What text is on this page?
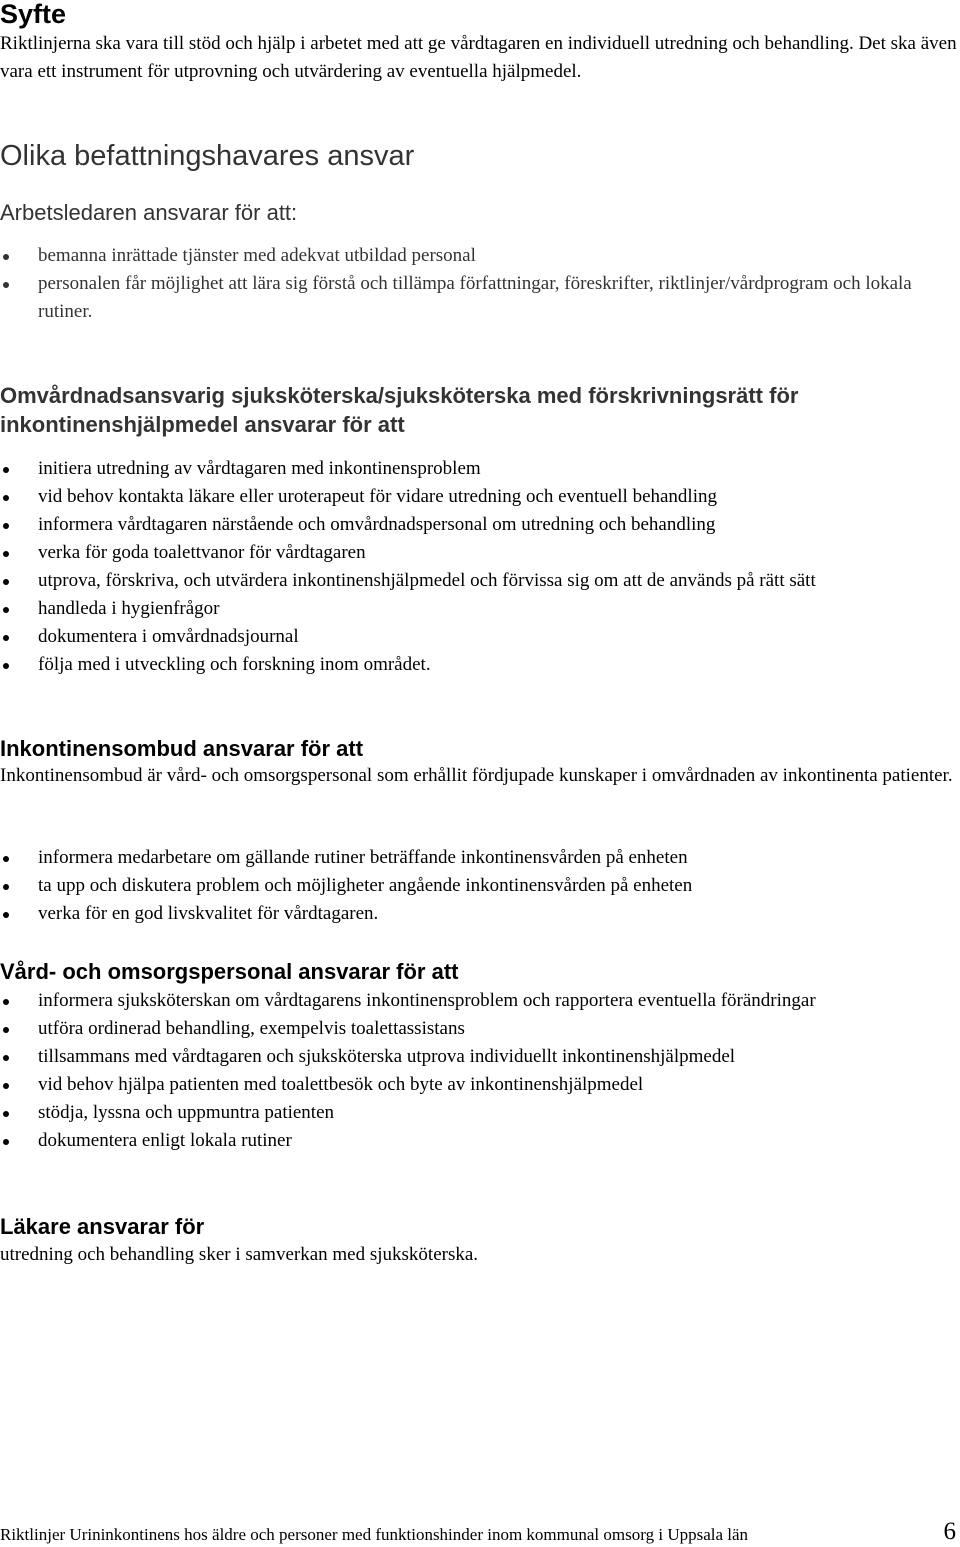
Syfte
Riktlinjerna ska vara till stöd och hjälp i arbetet med att ge vårdtagaren en individuell utredning och behandling. Det ska även vara ett instrument för utprovning och utvärdering av eventuella hjälpmedel.
Olika befattningshavares ansvar
Arbetsledaren ansvarar för att:
bemanna inrättade tjänster med adekvat utbildad personal
personalen får möjlighet att lära sig förstå och tillämpa författningar, föreskrifter, riktlinjer/vårdprogram och lokala rutiner.
Omvårdnadsansvarig sjuksköterska/sjuksköterska med förskrivningsrätt för inkontinenshjälpmedel ansvarar för att
initiera utredning av vårdtagaren med inkontinensproblem
vid behov kontakta läkare eller uroterapeut för vidare utredning och eventuell behandling
informera vårdtagaren närstående och omvårdnadspersonal om utredning och behandling
verka för goda toalettvanor för vårdtagaren
utprova, förskriva, och utvärdera inkontinenshjälpmedel och förvissa sig om att de används på rätt sätt
handleda i hygienfrågor
dokumentera i omvårdnadsjournal
följa med i utveckling och forskning inom området.
Inkontinensombud ansvarar för att
Inkontinensombud är vård- och omsorgspersonal som erhållit fördjupade kunskaper i omvårdnaden av inkontinenta patienter.
informera medarbetare om gällande rutiner beträffande inkontinensvården på enheten
ta upp och diskutera problem och möjligheter angående inkontinensvården på enheten
verka för en god livskvalitet för vårdtagaren.
Vård- och omsorgspersonal ansvarar för att
informera sjuksköterskan om vårdtagarens inkontinensproblem och rapportera eventuella förändringar
utföra ordinerad behandling, exempelvis toalettassistans
tillsammans med vårdtagaren och sjuksköterska utprova individuellt inkontinenshjälpmedel
vid behov hjälpa patienten med toalettbesök och byte av inkontinenshjälpmedel
stödja, lyssna och uppmuntra patienten
dokumentera enligt lokala rutiner
Läkare ansvarar för
utredning och behandling sker i samverkan med sjuksköterska.
Riktlinjer Urininkontinens hos äldre och personer med funktionshinder inom kommunal omsorg i Uppsala län	6
